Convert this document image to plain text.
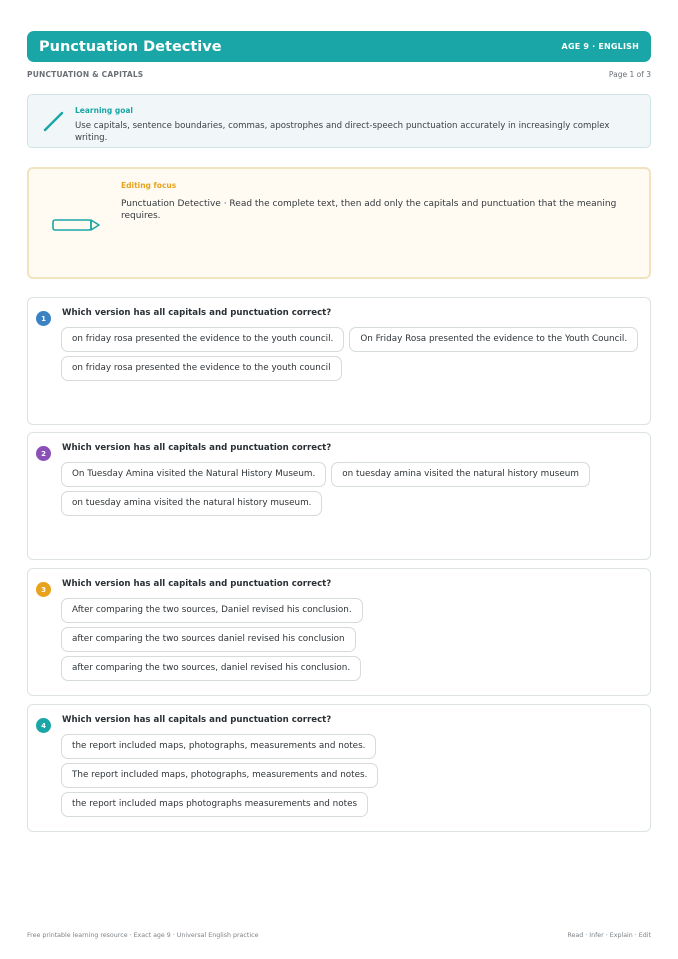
Punctuation Detective	AGE 9 · ENGLISH
PUNCTUATION & CAPITALS	Page 1 of 3
Learning goal
Use capitals, sentence boundaries, commas, apostrophes and direct-speech punctuation accurately in increasingly complex writing.
Editing focus
Punctuation Detective · Read the complete text, then add only the capitals and punctuation that the meaning requires.
1
Which version has all capitals and punctuation correct?
on friday rosa presented the evidence to the youth council.	On Friday Rosa presented the evidence to the Youth Council.
on friday rosa presented the evidence to the youth council
2
Which version has all capitals and punctuation correct?
On Tuesday Amina visited the Natural History Museum.	on tuesday amina visited the natural history museum
on tuesday amina visited the natural history museum.
3
Which version has all capitals and punctuation correct?
After comparing the two sources, Daniel revised his conclusion.
after comparing the two sources daniel revised his conclusion
after comparing the two sources, daniel revised his conclusion.
4
Which version has all capitals and punctuation correct?
the report included maps, photographs, measurements and notes.
The report included maps, photographs, measurements and notes.
the report included maps photographs measurements and notes
Free printable learning resource · Exact age 9 · Universal English practice	Read · Infer · Explain · Edit
